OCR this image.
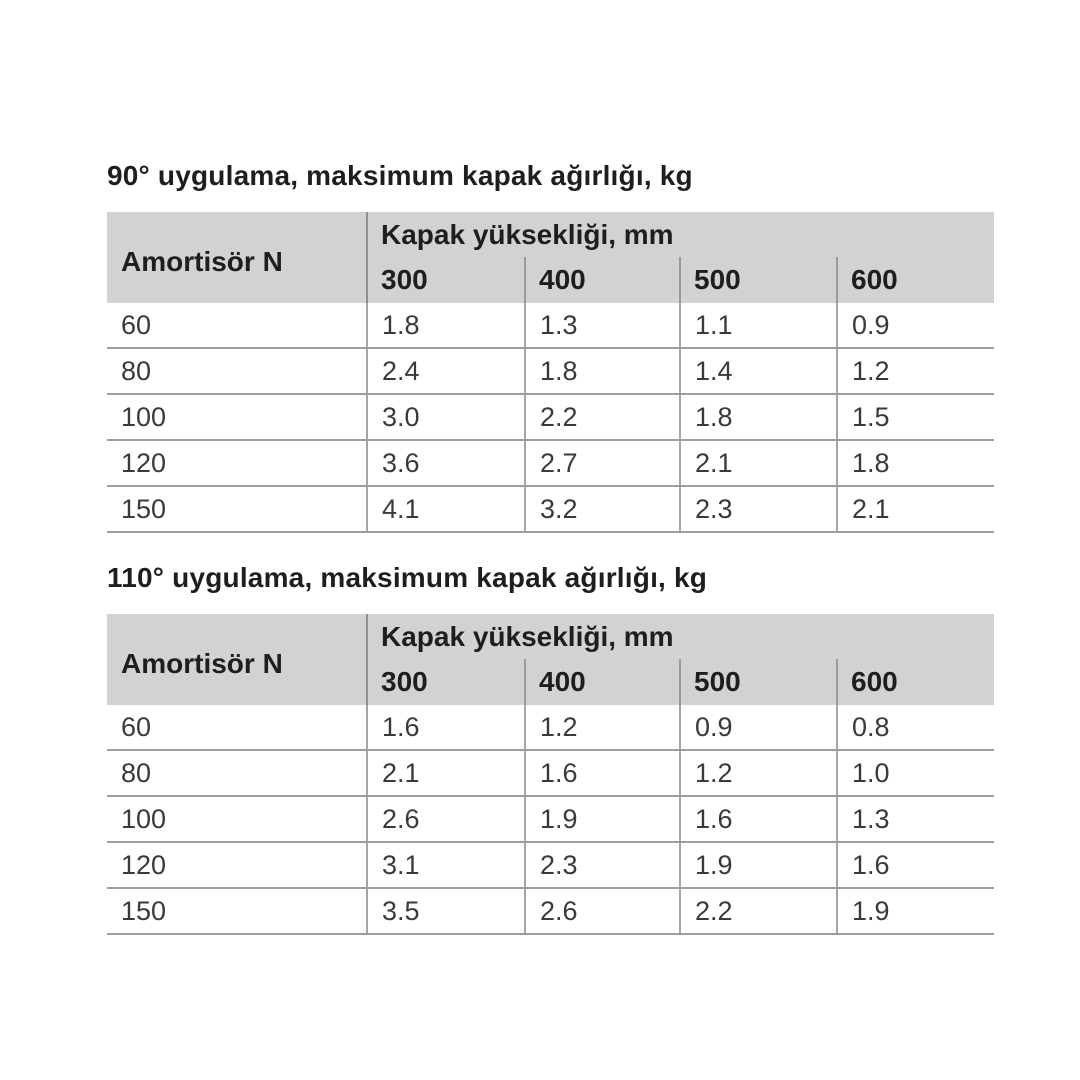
90° uygulama, maksimum kapak ağırlığı, kg
Amortisör N	Kapak yüksekliği, mm			
	300	400	500	600
60	1.8	1.3	1.1	0.9
80	2.4	1.8	1.4	1.2
100	3.0	2.2	1.8	1.5
120	3.6	2.7	2.1	1.8
150	4.1	3.2	2.3	2.1
110° uygulama, maksimum kapak ağırlığı, kg
Amortisör N	Kapak yüksekliği, mm			
	300	400	500	600
60	1.6	1.2	0.9	0.8
80	2.1	1.6	1.2	1.0
100	2.6	1.9	1.6	1.3
120	3.1	2.3	1.9	1.6
150	3.5	2.6	2.2	1.9
